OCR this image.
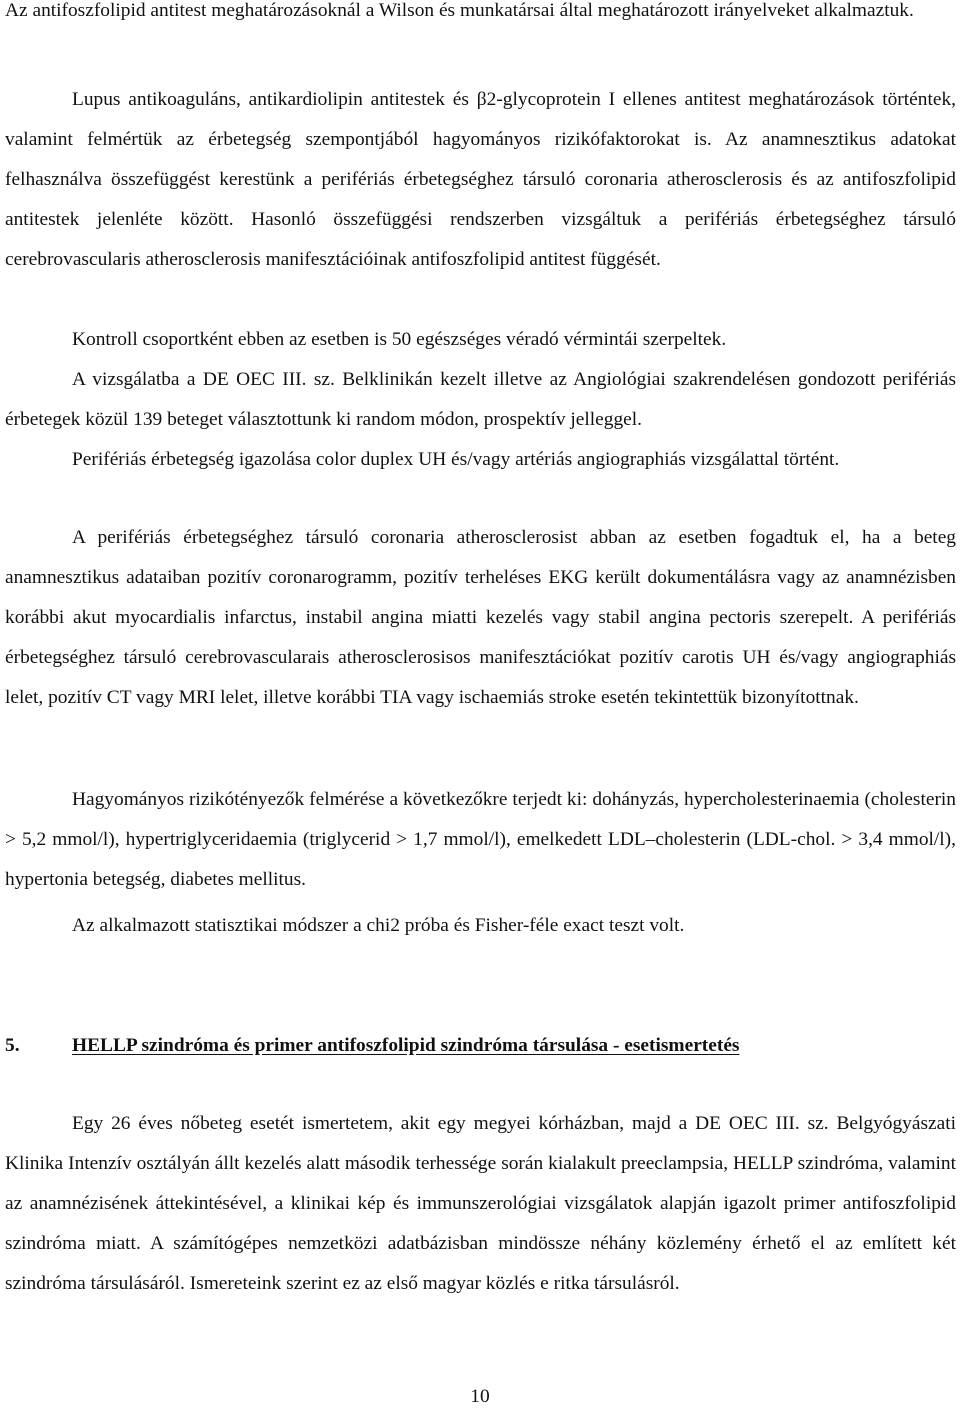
Az antifoszfolipid antitest meghatározásoknál a Wilson és munkatársai által meghatározott irányelveket alkalmaztuk.

Lupus antikoaguláns, antikardiolipin antitestek és β2-glycoprotein I ellenes antitest meghatározások történtek, valamint felmértük az érbetegség szempontjából hagyományos rizikófaktorokat is. Az anamnesztikus adatokat felhasználva összefüggést kerestünk a perifériás érbetegséghez társuló coronaria atherosclerosis és az antifoszfolipid antitestek jelenléte között. Hasonló összefüggési rendszerben vizsgáltuk a perifériás érbetegséghez társuló cerebrovascularis atherosclerosis manifesztációinak antifoszfolipid antitest függését.

Kontroll csoportként ebben az esetben is 50 egészséges véradó vérmintái szerpeltek.

A vizsgálatba a DE OEC III. sz. Belklinikán kezelt illetve az Angiológiai szakrendelésen gondozott perifériás érbetegek közül 139 beteget választottunk ki random módon, prospektív jelleggel.

Perifériás érbetegség igazolása color duplex UH és/vagy artériás angiographiás vizsgálattal történt.

A perifériás érbetegséghez társuló coronaria atherosclerosist abban az esetben fogadtuk el, ha a beteg anamnesztikus adataiban pozitív coronarogramm, pozitív terheléses EKG került dokumentálásra vagy az anamnézisben korábbi akut myocardialis infarctus, instabil angina miatti kezelés vagy stabil angina pectoris szerepelt. A perifériás érbetegséghez társuló cerebrovascularais atherosclerosisos manifesztációkat pozitív carotis UH és/vagy angiographiás lelet, pozitív CT vagy MRI lelet, illetve korábbi TIA vagy ischaemiás stroke esetén tekintettük bizonyítottnak.

Hagyományos rizikótényezők felmérése a következőkre terjedt ki: dohányzás, hypercholesterinaemia (cholesterin > 5,2 mmol/l), hypertriglyceridaemia (triglycerid > 1,7 mmol/l), emelkedett LDL–cholesterin (LDL-chol. > 3,4 mmol/l), hypertonia betegség, diabetes mellitus.

Az alkalmazott statisztikai módszer a chi2 próba és Fisher-féle exact teszt volt.

5.	HELLP szindróma és primer antifoszfolipid szindróma társulása - esetismertetés

Egy 26 éves nőbeteg esetét ismertetem, akit egy megyei kórházban, majd a DE OEC III. sz. Belgyógyászati Klinika Intenzív osztályán állt kezelés alatt második terhessége során kialakult preeclampsia, HELLP szindróma, valamint az anamnézisének áttekintésével, a klinikai kép és immunszerológiai vizsgálatok alapján igazolt primer antifoszfolipid szindróma miatt. A számítógépes nemzetközi adatbázisban mindössze néhány közlemény érhető el az említett két szindróma társulásáról. Ismereteink szerint ez az első magyar közlés e ritka társulásról.

10
